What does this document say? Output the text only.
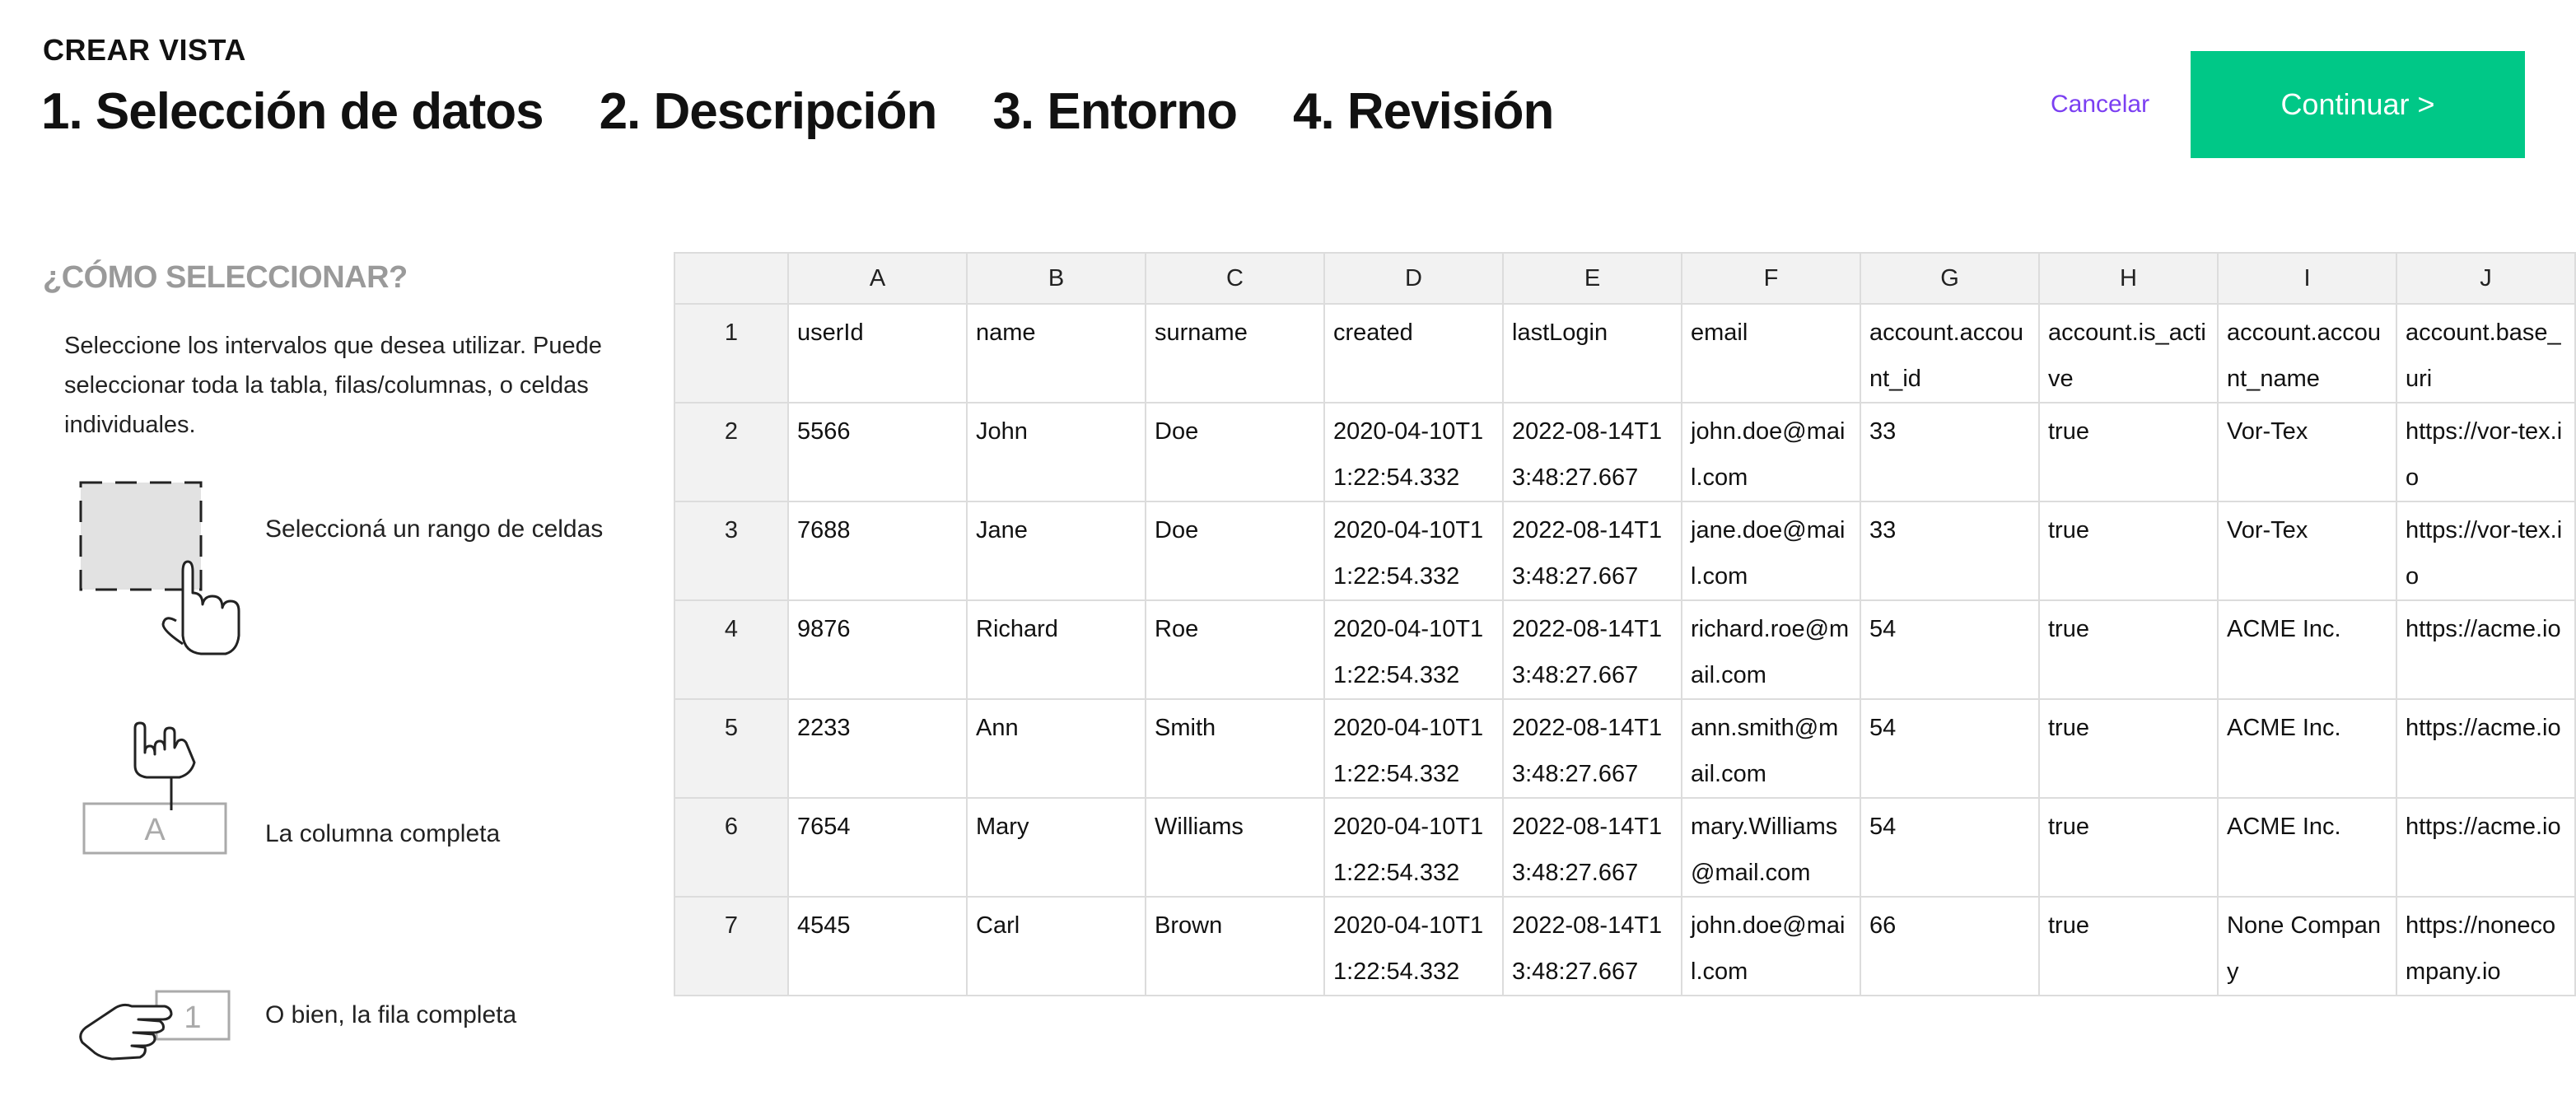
CREAR VISTA
1. Selección de datos 2. Descripción 3. Entorno 4. Revisión	Cancelar	Continuar >
¿CÓMO SELECCIONAR?
Seleccione los intervalos que desea utilizar. Puede seleccionar toda la tabla, filas/columnas, o celdas individuales.
Seleccioná un rango de celdas
A	La columna completa
1	O bien, la fila completa
	A	B	C	D	E	F	G	H	I	J
1	userId	name	surname	created	lastLogin	email	account.account_id	account.is_active	account.account_name	account.base_uri
2	5566	John	Doe	2020-04-10T11:22:54.332	2022-08-14T13:48:27.667	john.doe@mail.com	33	true	Vor-Tex	https://vor-tex.io
3	7688	Jane	Doe	2020-04-10T11:22:54.332	2022-08-14T13:48:27.667	jane.doe@mail.com	33	true	Vor-Tex	https://vor-tex.io
4	9876	Richard	Roe	2020-04-10T11:22:54.332	2022-08-14T13:48:27.667	richard.roe@mail.com	54	true	ACME Inc.	https://acme.io
5	2233	Ann	Smith	2020-04-10T11:22:54.332	2022-08-14T13:48:27.667	ann.smith@mail.com	54	true	ACME Inc.	https://acme.io
6	7654	Mary	Williams	2020-04-10T11:22:54.332	2022-08-14T13:48:27.667	mary.Williams@mail.com	54	true	ACME Inc.	https://acme.io
7	4545	Carl	Brown	2020-04-10T11:22:54.332	2022-08-14T13:48:27.667	john.doe@mail.com	66	true	None Company	https://nonecompany.io
